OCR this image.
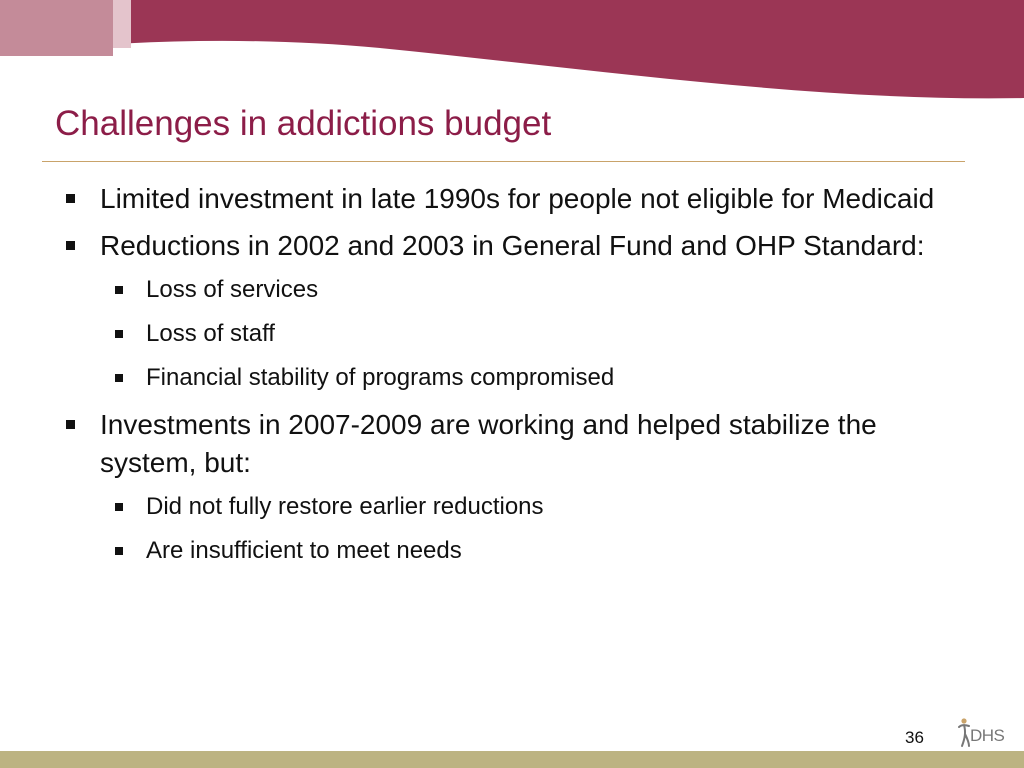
Challenges in addictions budget
Limited investment in late 1990s for people not eligible for Medicaid
Reductions in 2002 and 2003 in General Fund and OHP Standard:
Loss of services
Loss of staff
Financial stability of programs compromised
Investments in 2007-2009 are working and helped stabilize the system, but:
Did not fully restore earlier reductions
Are insufficient to meet needs
36	DHS
